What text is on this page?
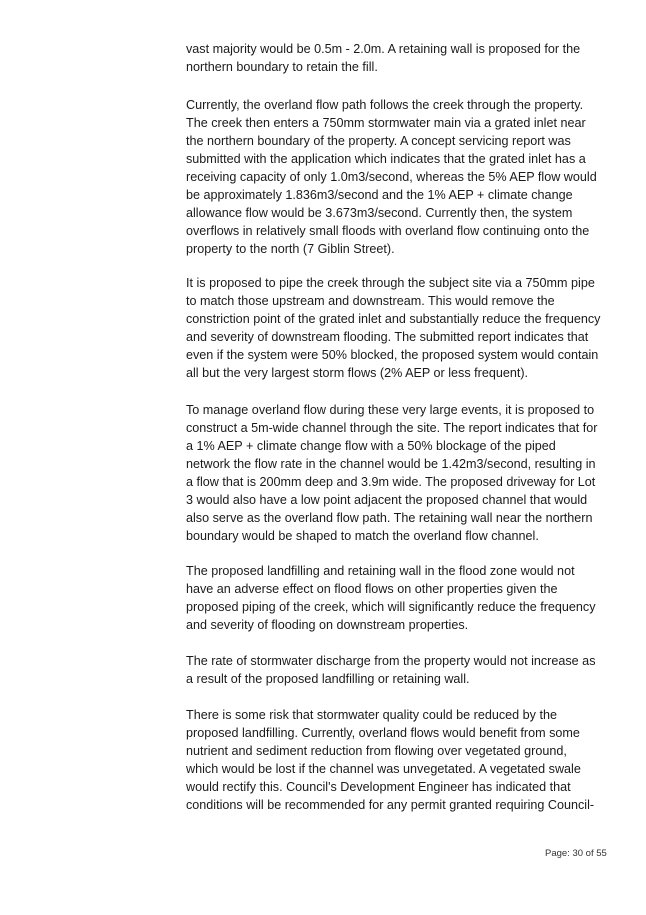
vast majority would be 0.5m - 2.0m. A retaining wall is proposed for the
northern boundary to retain the fill.

Currently, the overland flow path follows the creek through the property.
The creek then enters a 750mm stormwater main via a grated inlet near
the northern boundary of the property. A concept servicing report was
submitted with the application which indicates that the grated inlet has a
receiving capacity of only 1.0m3/second, whereas the 5% AEP flow would
be approximately 1.836m3/second and the 1% AEP + climate change
allowance flow would be 3.673m3/second. Currently then, the system
overflows in relatively small floods with overland flow continuing onto the
property to the north (7 Giblin Street).

It is proposed to pipe the creek through the subject site via a 750mm pipe
to match those upstream and downstream. This would remove the
constriction point of the grated inlet and substantially reduce the frequency
and severity of downstream flooding. The submitted report indicates that
even if the system were 50% blocked, the proposed system would contain
all but the very largest storm flows (2% AEP or less frequent).

To manage overland flow during these very large events, it is proposed to
construct a 5m-wide channel through the site. The report indicates that for
a 1% AEP + climate change flow with a 50% blockage of the piped
network the flow rate in the channel would be 1.42m3/second, resulting in
a flow that is 200mm deep and 3.9m wide. The proposed driveway for Lot
3 would also have a low point adjacent the proposed channel that would
also serve as the overland flow path. The retaining wall near the northern
boundary would be shaped to match the overland flow channel.

The proposed landfilling and retaining wall in the flood zone would not
have an adverse effect on flood flows on other properties given the
proposed piping of the creek, which will significantly reduce the frequency
and severity of flooding on downstream properties.

The rate of stormwater discharge from the property would not increase as
a result of the proposed landfilling or retaining wall.

There is some risk that stormwater quality could be reduced by the
proposed landfilling. Currently, overland flows would benefit from some
nutrient and sediment reduction from flowing over vegetated ground,
which would be lost if the channel was unvegetated. A vegetated swale
would rectify this. Council's Development Engineer has indicated that
conditions will be recommended for any permit granted requiring Council-

Page: 30 of 55
